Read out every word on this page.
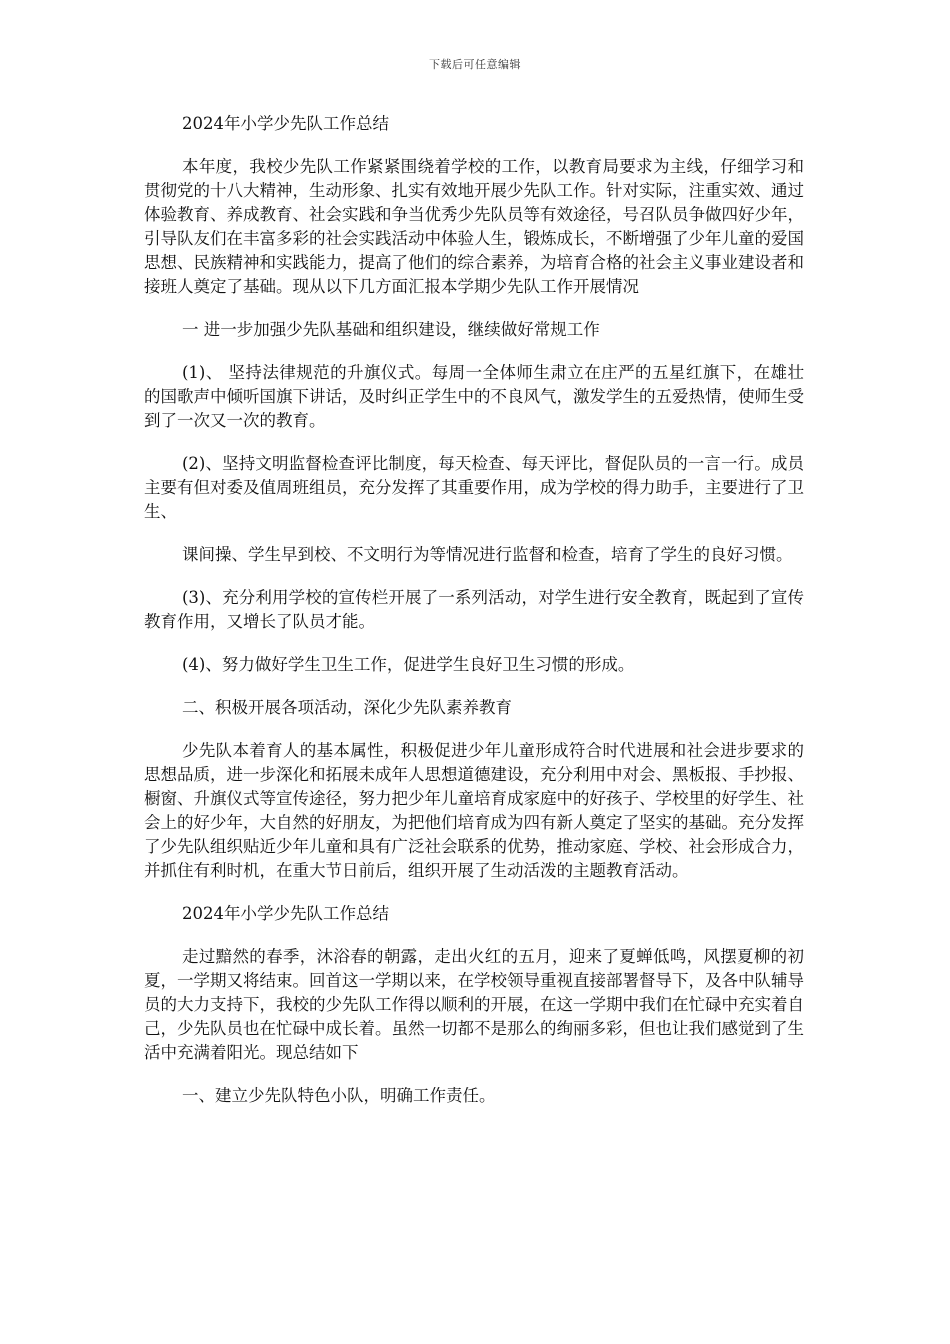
下载后可任意编辑

2024年小学少先队工作总结

本年度，我校少先队工作紧紧围绕着学校的工作，以教育局要求为主线，仔细学习和贯彻党的十八大精神，生动形象、扎实有效地开展少先队工作。针对实际，注重实效、通过体验教育、养成教育、社会实践和争当优秀少先队员等有效途径，号召队员争做四好少年，引导队友们在丰富多彩的社会实践活动中体验人生，锻炼成长，不断增强了少年儿童的爱国思想、民族精神和实践能力，提高了他们的综合素养，为培育合格的社会主义事业建设者和接班人奠定了基础。现从以下几方面汇报本学期少先队工作开展情况

一 进一步加强少先队基础和组织建设，继续做好常规工作

(1)、 坚持法律规范的升旗仪式。每周一全体师生肃立在庄严的五星红旗下，在雄壮的国歌声中倾听国旗下讲话，及时纠正学生中的不良风气，激发学生的五爱热情，使师生受到了一次又一次的教育。

(2)、坚持文明监督检查评比制度，每天检查、每天评比，督促队员的一言一行。成员主要有但对委及值周班组员，充分发挥了其重要作用，成为学校的得力助手，主要进行了卫生、

课间操、学生早到校、不文明行为等情况进行监督和检查，培育了学生的良好习惯。

(3)、充分利用学校的宣传栏开展了一系列活动，对学生进行安全教育，既起到了宣传教育作用，又增长了队员才能。

(4)、努力做好学生卫生工作，促进学生良好卫生习惯的形成。

二、积极开展各项活动，深化少先队素养教育

少先队本着育人的基本属性，积极促进少年儿童形成符合时代进展和社会进步要求的思想品质，进一步深化和拓展未成年人思想道德建设，充分利用中对会、黑板报、手抄报、橱窗、升旗仪式等宣传途径，努力把少年儿童培育成家庭中的好孩子、学校里的好学生、社会上的好少年，大自然的好朋友，为把他们培育成为四有新人奠定了坚实的基础。充分发挥了少先队组织贴近少年儿童和具有广泛社会联系的优势，推动家庭、学校、社会形成合力，并抓住有利时机，在重大节日前后，组织开展了生动活泼的主题教育活动。

2024年小学少先队工作总结

走过黯然的春季，沐浴春的朝露，走出火红的五月，迎来了夏蝉低鸣，风摆夏柳的初夏，一学期又将结束。回首这一学期以来，在学校领导重视直接部署督导下，及各中队辅导员的大力支持下，我校的少先队工作得以顺利的开展，在这一学期中我们在忙碌中充实着自己，少先队员也在忙碌中成长着。虽然一切都不是那么的绚丽多彩，但也让我们感觉到了生活中充满着阳光。现总结如下

一、建立少先队特色小队，明确工作责任。
